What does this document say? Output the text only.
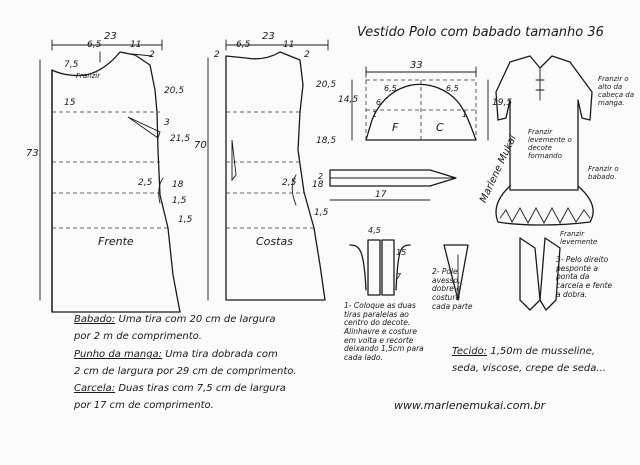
Vestido Polo com babado tamanho 36
23
6,5	11
2
7,5
Franzir
15
73
20,5
3
21,5
2,5 18
1,5
1,5
Frente
23
6,5	11
2	2
70
20,5
18,5
2,5 18
1,5
Costas
33
14,5	19,5
F	C
6
6,5	6,5
1	1
2
17
4,5
15
7
Franzir o alto da cabeça da manga.
Franzir levemente o decote formando
Franzir o babado.
Franzir levemente
Marlene Mukai
1- Coloque as duas tiras paralelas ao centro do decote. Alinhavre e costure em volta e recorte deixando 1,5cm para cada lado.
2- Pole avesso, dobre e costure cada parte
3- Pelo direito pesponte a ponta da carcela e fente a dobra.
Babado: Uma tira com 20 cm de largura
por 2 m de comprimento.
Punho da manga: Uma tira dobrada com
2 cm de largura por 29 cm de comprimento.
Carcela: Duas tiras com 7,5 cm de largura
por 17 cm de comprimento.
Tecido: 1,50m de musseline,
seda, viscose, crepe de seda...
www.marlenemukai.com.br
